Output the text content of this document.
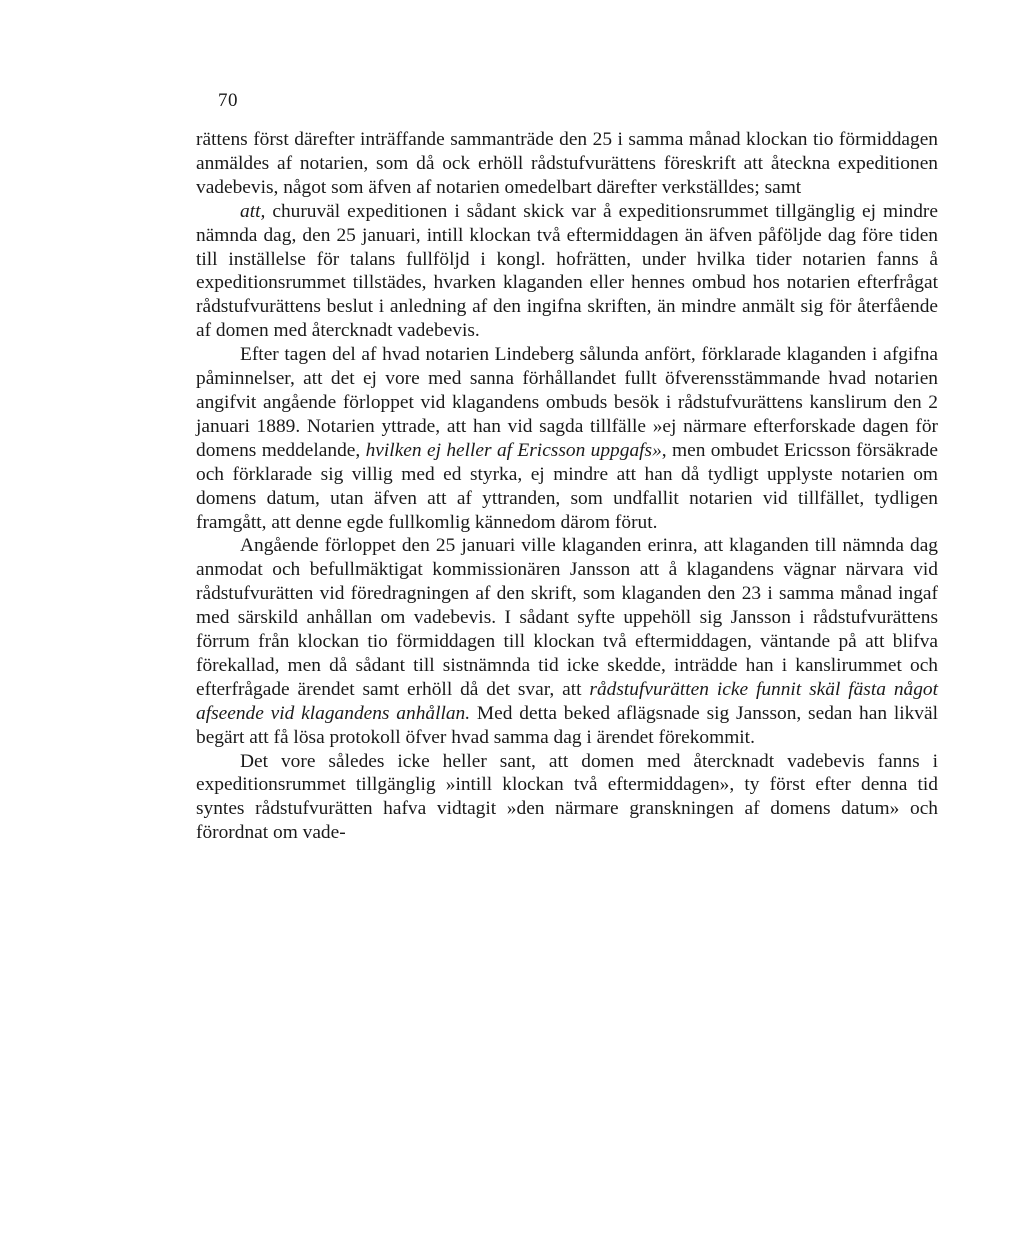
70

rättens först därefter inträffande sammanträde den 25 i samma månad klockan tio förmiddagen anmäldes af notarien, som då ock erhöll rådstufvurättens föreskrift att åteckna expeditionen vadebevis, något som äfven af notarien omedelbart därefter verkställdes; samt

att, churuväl expeditionen i sådant skick var å expeditionsrummet tillgänglig ej mindre nämnda dag, den 25 januari, intill klockan två eftermiddagen än äfven påföljde dag före tiden till inställelse för talans fullföljd i kongl. hofrätten, under hvilka tider notarien fanns å expeditionsrummet tillstädes, hvarken klaganden eller hennes ombud hos notarien efterfrågat rådstufvurättens beslut i anledning af den ingifna skriften, än mindre anmält sig för återfående af domen med återcknadt vadebevis.

Efter tagen del af hvad notarien Lindeberg sålunda anfört, förklarade klaganden i afgifna påminnelser, att det ej vore med sanna förhållandet fullt öfverensstämmande hvad notarien angifvit angående förloppet vid klagandens ombuds besök i rådstufvurättens kanslirum den 2 januari 1889. Notarien yttrade, att han vid sagda tillfälle »ej närmare efterforskade dagen för domens meddelande, hvilken ej heller af Ericsson uppgafs», men ombudet Ericsson försäkrade och förklarade sig villig med ed styrka, ej mindre att han då tydligt upplyste notarien om domens datum, utan äfven att af yttranden, som undfallit notarien vid tillfället, tydligen framgått, att denne egde fullkomlig kännedom därom förut.

Angående förloppet den 25 januari ville klaganden erinra, att klaganden till nämnda dag anmodat och befullmäktigat kommissionären Jansson att å klagandens vägnar närvara vid rådstufvurätten vid föredragningen af den skrift, som klaganden den 23 i samma månad ingaf med särskild anhållan om vadebevis. I sådant syfte uppehöll sig Jansson i rådstufvurättens förrum från klockan tio förmiddagen till klockan två eftermiddagen, väntande på att blifva förekallad, men då sådant till sistnämnda tid icke skedde, inträdde han i kanslirummet och efterfrågade ärendet samt erhöll då det svar, att rådstufvurätten icke funnit skäl fästa något afseende vid klagandens anhållan. Med detta beked aflägsnade sig Jansson, sedan han likväl begärt att få lösa protokoll öfver hvad samma dag i ärendet förekommit.

Det vore således icke heller sant, att domen med återcknadt vadebevis fanns i expeditionsrummet tillgänglig »intill klockan två eftermiddagen», ty först efter denna tid syntes rådstufvurätten hafva vidtagit »den närmare granskningen af domens datum» och förordnat om vade-
